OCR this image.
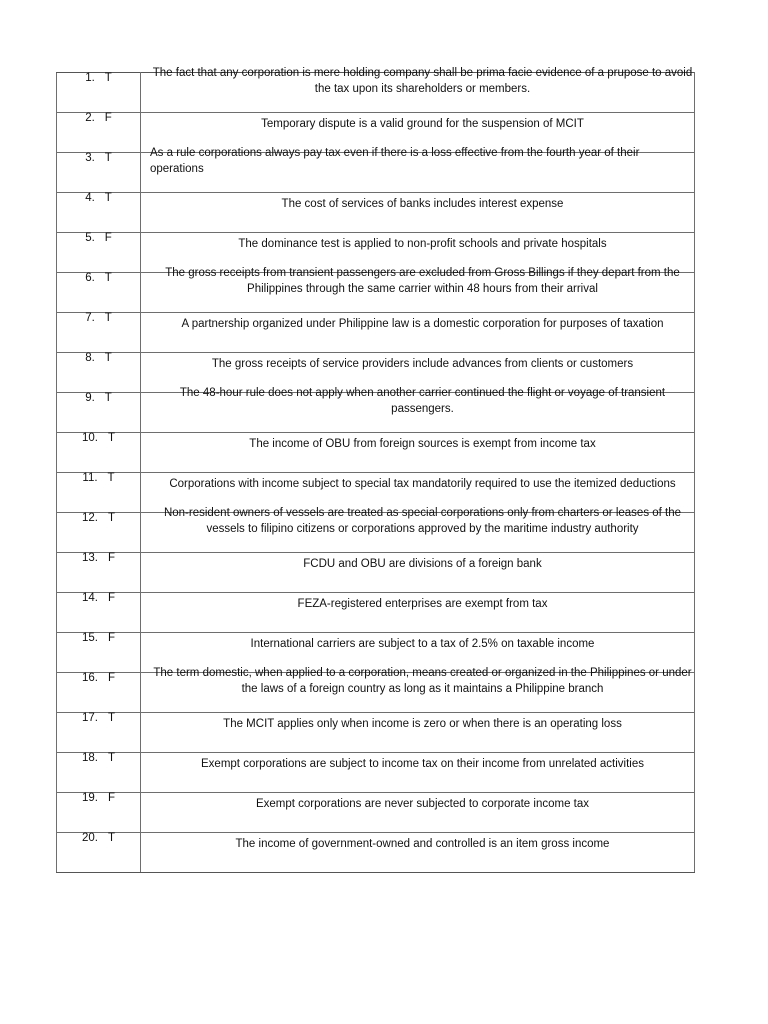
1. T	The fact that any corporation is mere holding company shall be prima facie evidence of a prupose to avoid the tax upon its shareholders or members.

2. F	Temporary dispute is a valid ground for the suspension of MCIT

3. T	As a rule corporations always pay tax even if there is a loss effective from the fourth year of their operations

4. T	The cost of services of banks includes interest expense

5. F	The dominance test is applied to non-profit schools and private hospitals

6. T	The gross receipts from transient passengers are excluded from Gross Billings if they depart from the Philippines through the same carrier within 48 hours from their arrival

7. T	A partnership organized under Philippine law is a domestic corporation for purposes of taxation

8. T	The gross receipts of service providers include advances from clients or customers

9. T	The 48-hour rule does not apply when another carrier continued the flight or voyage of transient passengers.

10. T	The income of OBU from foreign sources is exempt from income tax

11. T	Corporations with income subject to special tax mandatorily required to use the itemized deductions

12. T	Non-resident owners of vessels are treated as special corporations only from charters or leases of the vessels to filipino citizens or corporations approved by the maritime industry authority

13. F	FCDU and OBU are divisions of a foreign bank

14. F	FEZA-registered enterprises are exempt from tax

15. F	International carriers are subject to a tax of 2.5% on taxable income

16. F	The term domestic, when applied to a corporation, means created or organized in the Philippines or under the laws of a foreign country as long as it maintains a Philippine branch

17. T	The MCIT applies only when income is zero or when there is an operating loss

18. T	Exempt corporations are subject to income tax on their income from unrelated activities

19. F	Exempt corporations are never subjected to corporate income tax

20. T	The income of government-owned and controlled is an item gross income
